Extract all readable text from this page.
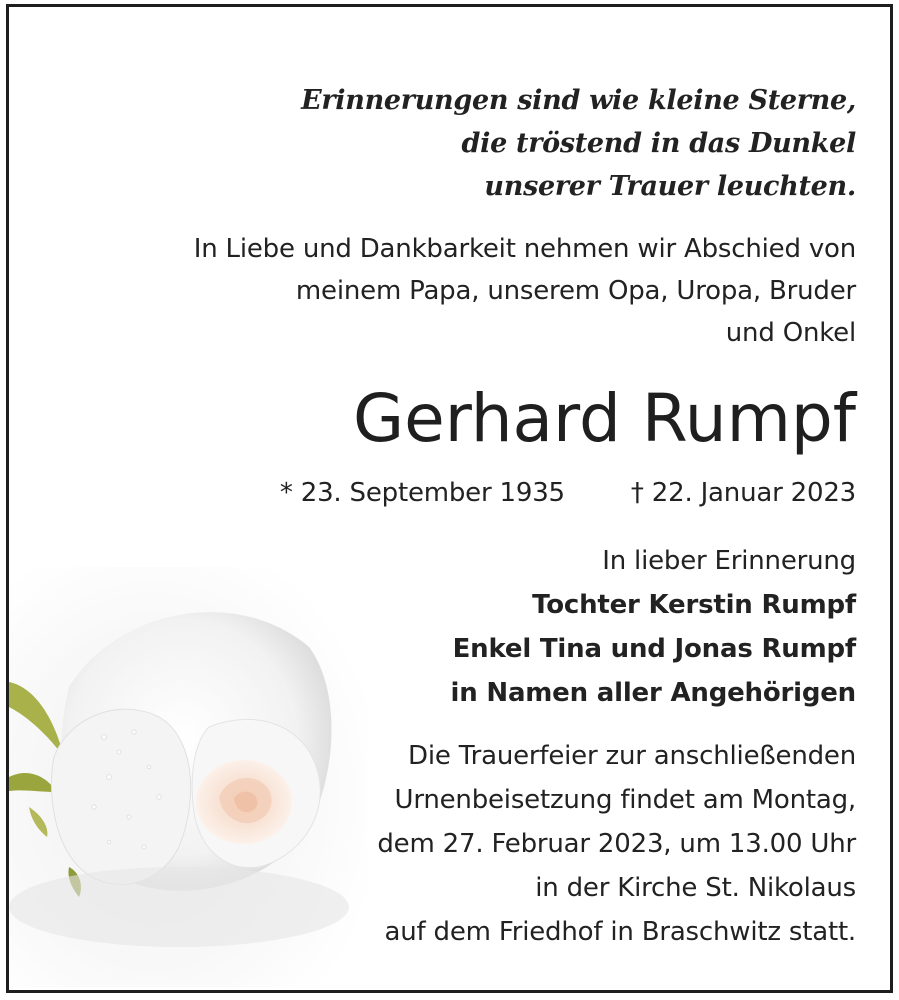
Erinnerungen sind wie kleine Sterne,
die tröstend in das Dunkel
unserer Trauer leuchten.
In Liebe und Dankbarkeit nehmen wir Abschied von
meinem Papa, unserem Opa, Uropa, Bruder
und Onkel
Gerhard Rumpf
* 23. September 1935	† 22. Januar 2023
In lieber Erinnerung
Tochter Kerstin Rumpf
Enkel Tina und Jonas Rumpf
in Namen aller Angehörigen
Die Trauerfeier zur anschließenden
Urnenbeisetzung findet am Montag,
dem 27. Februar 2023, um 13.00 Uhr
in der Kirche St. Nikolaus
auf dem Friedhof in Braschwitz statt.
